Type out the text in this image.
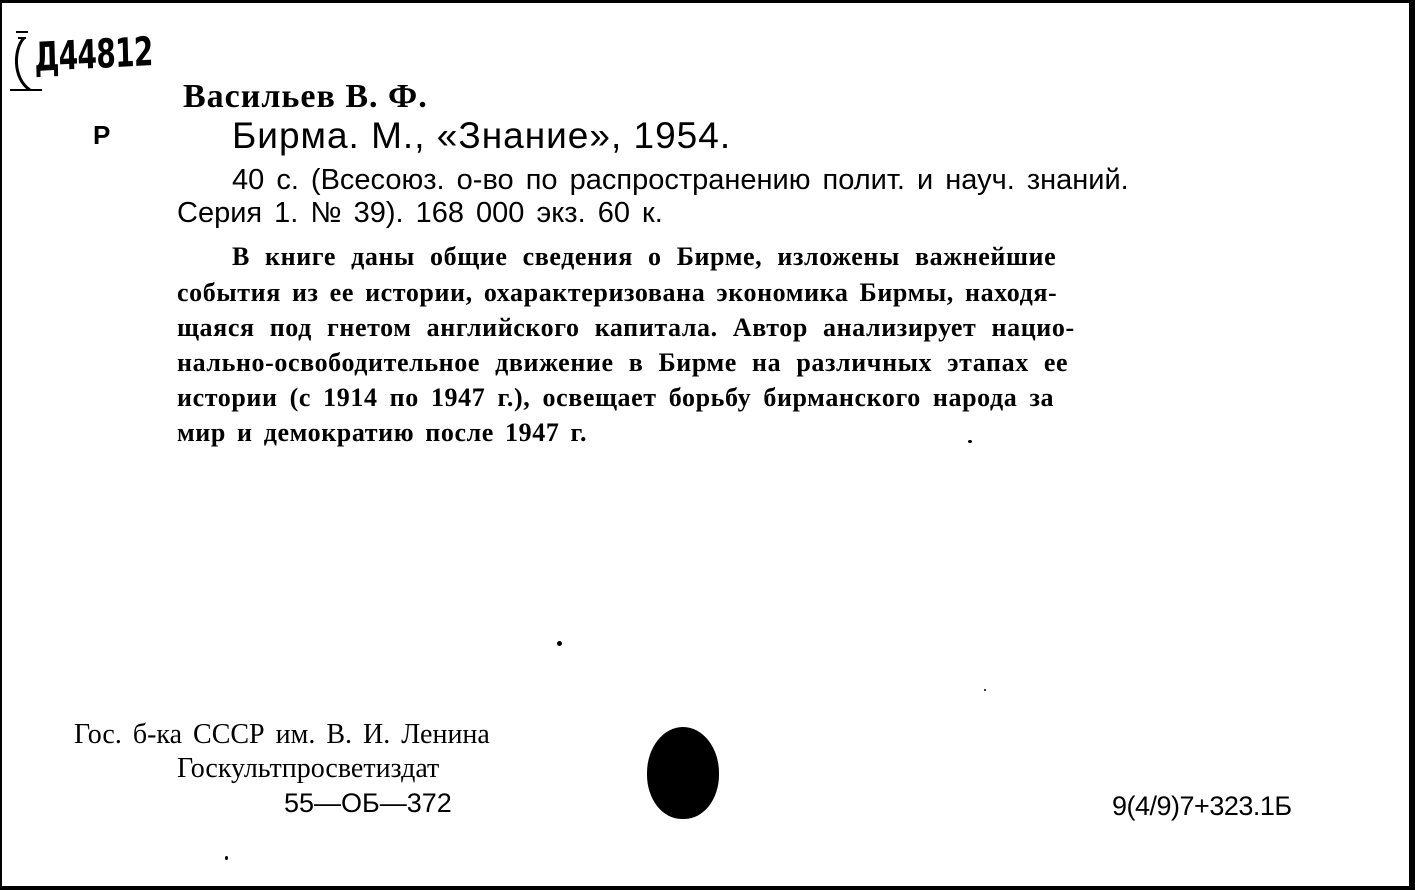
Д44812
Р
Васильев В. Ф.
Бирма. М., «Знание», 1954.
40 с. (Всесоюз. о-во по распространению полит. и науч. знаний.
Серия 1. № 39). 168 000 экз. 60 к.
В книге даны общие сведения о Бирме, изложены важнейшие
события из ее истории, охарактеризована экономика Бирмы, находя-
щаяся под гнетом английского капитала. Автор анализирует нацио-
нально-освободительное движение в Бирме на различных этапах ее
истории (с 1914 по 1947 г.), освещает борьбу бирманского народа за
мир и демократию после 1947 г.
Гос. б-ка СССР им. В. И. Ленина
Госкультпросветиздат
55—ОБ—372	9(4/9)7+323.1Б
